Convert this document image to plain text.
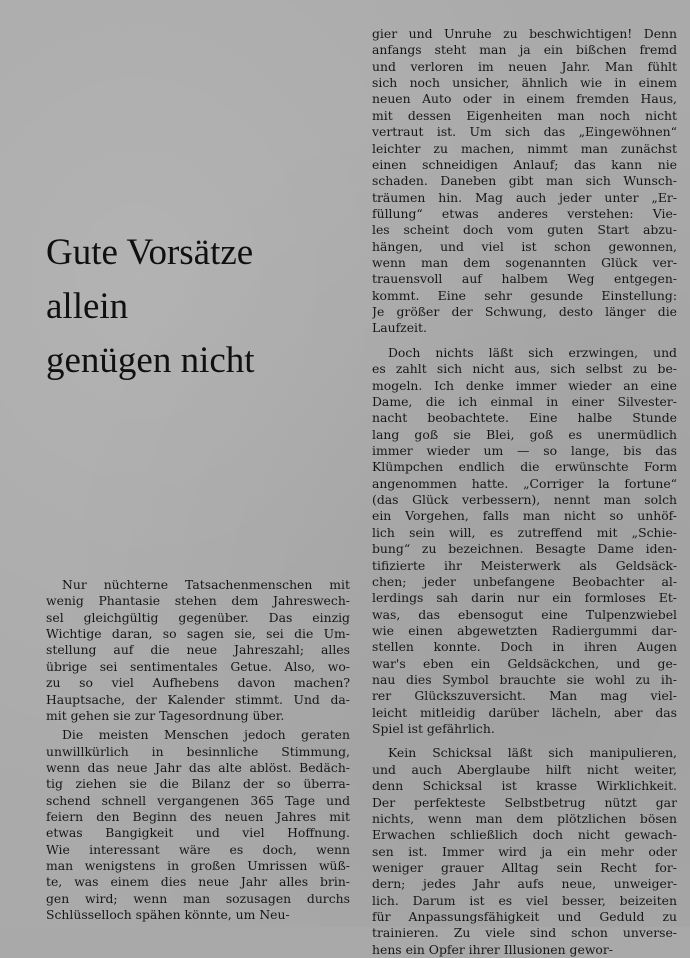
Gute Vorsätze
allein
genügen nicht
Nur nüchterne Tatsachenmenschen mit
wenig Phantasie stehen dem Jahreswech-
sel gleichgültig gegenüber. Das einzig
Wichtige daran, so sagen sie, sei die Um-
stellung auf die neue Jahreszahl; alles
übrige sei sentimentales Getue. Also, wo-
zu so viel Aufhebens davon machen?
Hauptsache, der Kalender stimmt. Und da-
mit gehen sie zur Tagesordnung über.
Die meisten Menschen jedoch geraten
unwillkürlich in besinnliche Stimmung,
wenn das neue Jahr das alte ablöst. Bedäch-
tig ziehen sie die Bilanz der so überra-
schend schnell vergangenen 365 Tage und
feiern den Beginn des neuen Jahres mit
etwas Bangigkeit und viel Hoffnung.
Wie interessant wäre es doch, wenn
man wenigstens in großen Umrissen wüß-
te, was einem dies neue Jahr alles brin-
gen wird; wenn man sozusagen durchs
Schlüsselloch spähen könnte, um Neu-
gier und Unruhe zu beschwichtigen! Denn
anfangs steht man ja ein bißchen fremd
und verloren im neuen Jahr. Man fühlt
sich noch unsicher, ähnlich wie in einem
neuen Auto oder in einem fremden Haus,
mit dessen Eigenheiten man noch nicht
vertraut ist. Um sich das „Eingewöhnen“
leichter zu machen, nimmt man zunächst
einen schneidigen Anlauf; das kann nie
schaden. Daneben gibt man sich Wunsch-
träumen hin. Mag auch jeder unter „Er-
füllung“ etwas anderes verstehen: Vie-
les scheint doch vom guten Start abzu-
hängen, und viel ist schon gewonnen,
wenn man dem sogenannten Glück ver-
trauensvoll auf halbem Weg entgegen-
kommt. Eine sehr gesunde Einstellung:
Je größer der Schwung, desto länger die
Laufzeit.
Doch nichts läßt sich erzwingen, und
es zahlt sich nicht aus, sich selbst zu be-
mogeln. Ich denke immer wieder an eine
Dame, die ich einmal in einer Silvester-
nacht beobachtete. Eine halbe Stunde
lang goß sie Blei, goß es unermüdlich
immer wieder um — so lange, bis das
Klümpchen endlich die erwünschte Form
angenommen hatte. „Corriger la fortune“
(das Glück verbessern), nennt man solch
ein Vorgehen, falls man nicht so unhöf-
lich sein will, es zutreffend mit „Schie-
bung“ zu bezeichnen. Besagte Dame iden-
tifizierte ihr Meisterwerk als Geldsäck-
chen; jeder unbefangene Beobachter al-
lerdings sah darin nur ein formloses Et-
was, das ebensogut eine Tulpenzwiebel
wie einen abgewetzten Radiergummi dar-
stellen konnte. Doch in ihren Augen
war's eben ein Geldsäckchen, und ge-
nau dies Symbol brauchte sie wohl zu ih-
rer Glückszuversicht. Man mag viel-
leicht mitleidig darüber lächeln, aber das
Spiel ist gefährlich.
Kein Schicksal läßt sich manipulieren,
und auch Aberglaube hilft nicht weiter,
denn Schicksal ist krasse Wirklichkeit.
Der perfekteste Selbstbetrug nützt gar
nichts, wenn man dem plötzlichen bösen
Erwachen schließlich doch nicht gewach-
sen ist. Immer wird ja ein mehr oder
weniger grauer Alltag sein Recht for-
dern; jedes Jahr aufs neue, unweiger-
lich. Darum ist es viel besser, beizeiten
für Anpassungsfähigkeit und Geduld zu
trainieren. Zu viele sind schon unverse-
hens ein Opfer ihrer Illusionen gewor-
